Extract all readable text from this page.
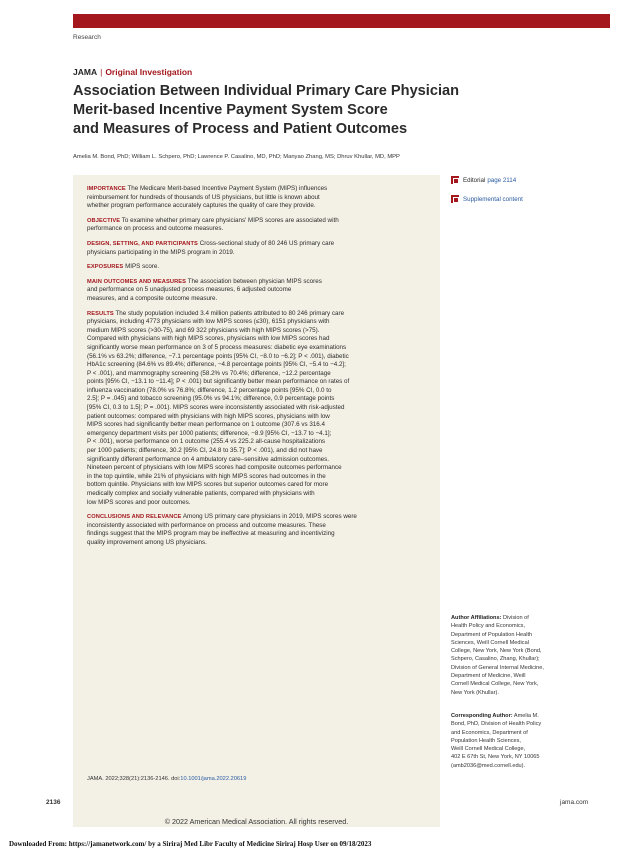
Research
JAMA | Original Investigation
Association Between Individual Primary Care Physician
Merit-based Incentive Payment System Score
and Measures of Process and Patient Outcomes
Amelia M. Bond, PhD; William L. Schpero, PhD; Lawrence P. Casalino, MD, PhD; Manyao Zhang, MS; Dhruv Khullar, MD, MPP
IMPORTANCE The Medicare Merit-based Incentive Payment System (MIPS) influences

reimbursement for hundreds of thousands of US physicians, but little is known about
whether program performance accurately captures the quality of care they provide.
OBJECTIVE To examine whether primary care physicians' MIPS scores are associated with

performance on process and outcome measures.
DESIGN, SETTING, AND PARTICIPANTS Cross-sectional study of 80 246 US primary care

physicians participating in the MIPS program in 2019.
EXPOSURES MIPS score.

MAIN OUTCOMES AND MEASURES The association between physician MIPS scores

and performance on 5 unadjusted process measures, 6 adjusted outcome
measures, and a composite outcome measure.
RESULTS The study population included 3.4 million patients attributed to 80 246 primary care

physicians, including 4773 physicians with low MIPS scores (≤30), 6151 physicians with
medium MIPS scores (>30-75), and 69 322 physicians with high MIPS scores (>75).
Compared with physicians with high MIPS scores, physicians with low MIPS scores had
significantly worse mean performance on 3 of 5 process measures: diabetic eye examinations
(56.1% vs 63.2%; difference, −7.1 percentage points [95% CI, −8.0 to −6.2]; P < .001), diabetic
HbA1c screening (84.6% vs 89.4%; difference, −4.8 percentage points [95% CI, −5.4 to −4.2];
P < .001), and mammography screening (58.2% vs 70.4%; difference, −12.2 percentage
points [95% CI, −13.1 to −11.4]; P < .001) but significantly better mean performance on rates of
influenza vaccination (78.0% vs 76.8%; difference, 1.2 percentage points [95% CI, 0.0 to
2.5]; P = .045) and tobacco screening (95.0% vs 94.1%; difference, 0.9 percentage points
[95% CI, 0.3 to 1.5]; P = .001). MIPS scores were inconsistently associated with risk-adjusted
patient outcomes: compared with physicians with high MIPS scores, physicians with low
MIPS scores had significantly better mean performance on 1 outcome (307.6 vs 316.4
emergency department visits per 1000 patients; difference, −8.9 [95% CI, −13.7 to −4.1];
P < .001), worse performance on 1 outcome (255.4 vs 225.2 all-cause hospitalizations
per 1000 patients; difference, 30.2 [95% CI, 24.8 to 35.7]; P < .001), and did not have
significantly different performance on 4 ambulatory care–sensitive admission outcomes.
Nineteen percent of physicians with low MIPS scores had composite outcomes performance
in the top quintile, while 21% of physicians with high MIPS scores had outcomes in the
bottom quintile. Physicians with low MIPS scores but superior outcomes cared for more
medically complex and socially vulnerable patients, compared with physicians with
low MIPS scores and poor outcomes.
CONCLUSIONS AND RELEVANCE Among US primary care physicians in 2019, MIPS scores were

inconsistently associated with performance on process and outcome measures. These
findings suggest that the MIPS program may be ineffective at measuring and incentivizing
quality improvement among US physicians.
JAMA. 2022;328(21):2136-2146. doi:10.1001/jama.2022.20619
© 2022 American Medical Association. All rights reserved.
Editorial page 2114
Supplemental content
Author Affiliations: Division of
Health Policy and Economics,
Department of Population Health
Sciences, Weill Cornell Medical
College, New York, New York (Bond,
Schpero, Casalino, Zhang, Khullar);
Division of General Internal Medicine,
Department of Medicine, Weill
Cornell Medical College, New York,
New York (Khullar).
Corresponding Author: Amelia M.
Bond, PhD, Division of Health Policy
and Economics, Department of
Population Health Sciences,
Weill Cornell Medical College,
402 E 67th St, New York, NY 10065
(amb2036@med.cornell.edu).
2136	jama.com
Downloaded From: https://jamanetwork.com/ by a Siriraj Med Libr Faculty of Medicine Siriraj Hosp User on 09/18/2023
